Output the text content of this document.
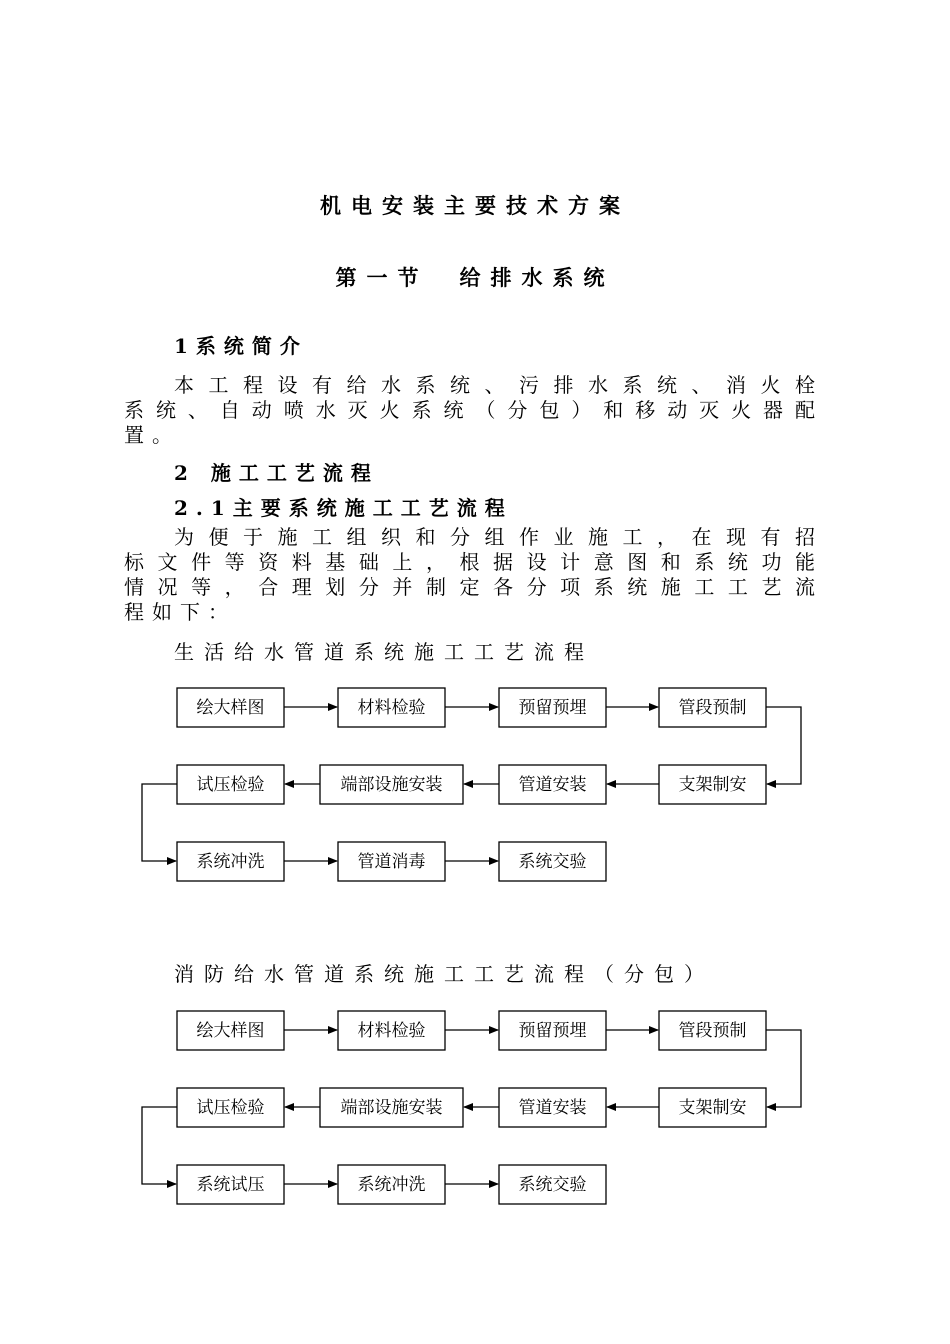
机电安装主要技术方案
第一节　给排水系统
1系统简介
本工程设有给水系统、污排水系统、消火栓
系统、自动喷水灭火系统（分包）和移动灭火器配
置。
2 施工工艺流程
2.1主要系统施工工艺流程
为便于施工组织和分组作业施工，在现有招
标文件等资料基础上，根据设计意图和系统功能
情况等，合理划分并制定各分项系统施工工艺流
程如下：
生活给水管道系统施工工艺流程
绘大样图	材料检验	预留预埋	管段预制
试压检验	端部设施安装	管道安装	支架制安
系统冲洗	管道消毒	系统交验
消防给水管道系统施工工艺流程（分包）
绘大样图	材料检验	预留预埋	管段预制
试压检验	端部设施安装	管道安装	支架制安
系统试压	系统冲洗	系统交验
